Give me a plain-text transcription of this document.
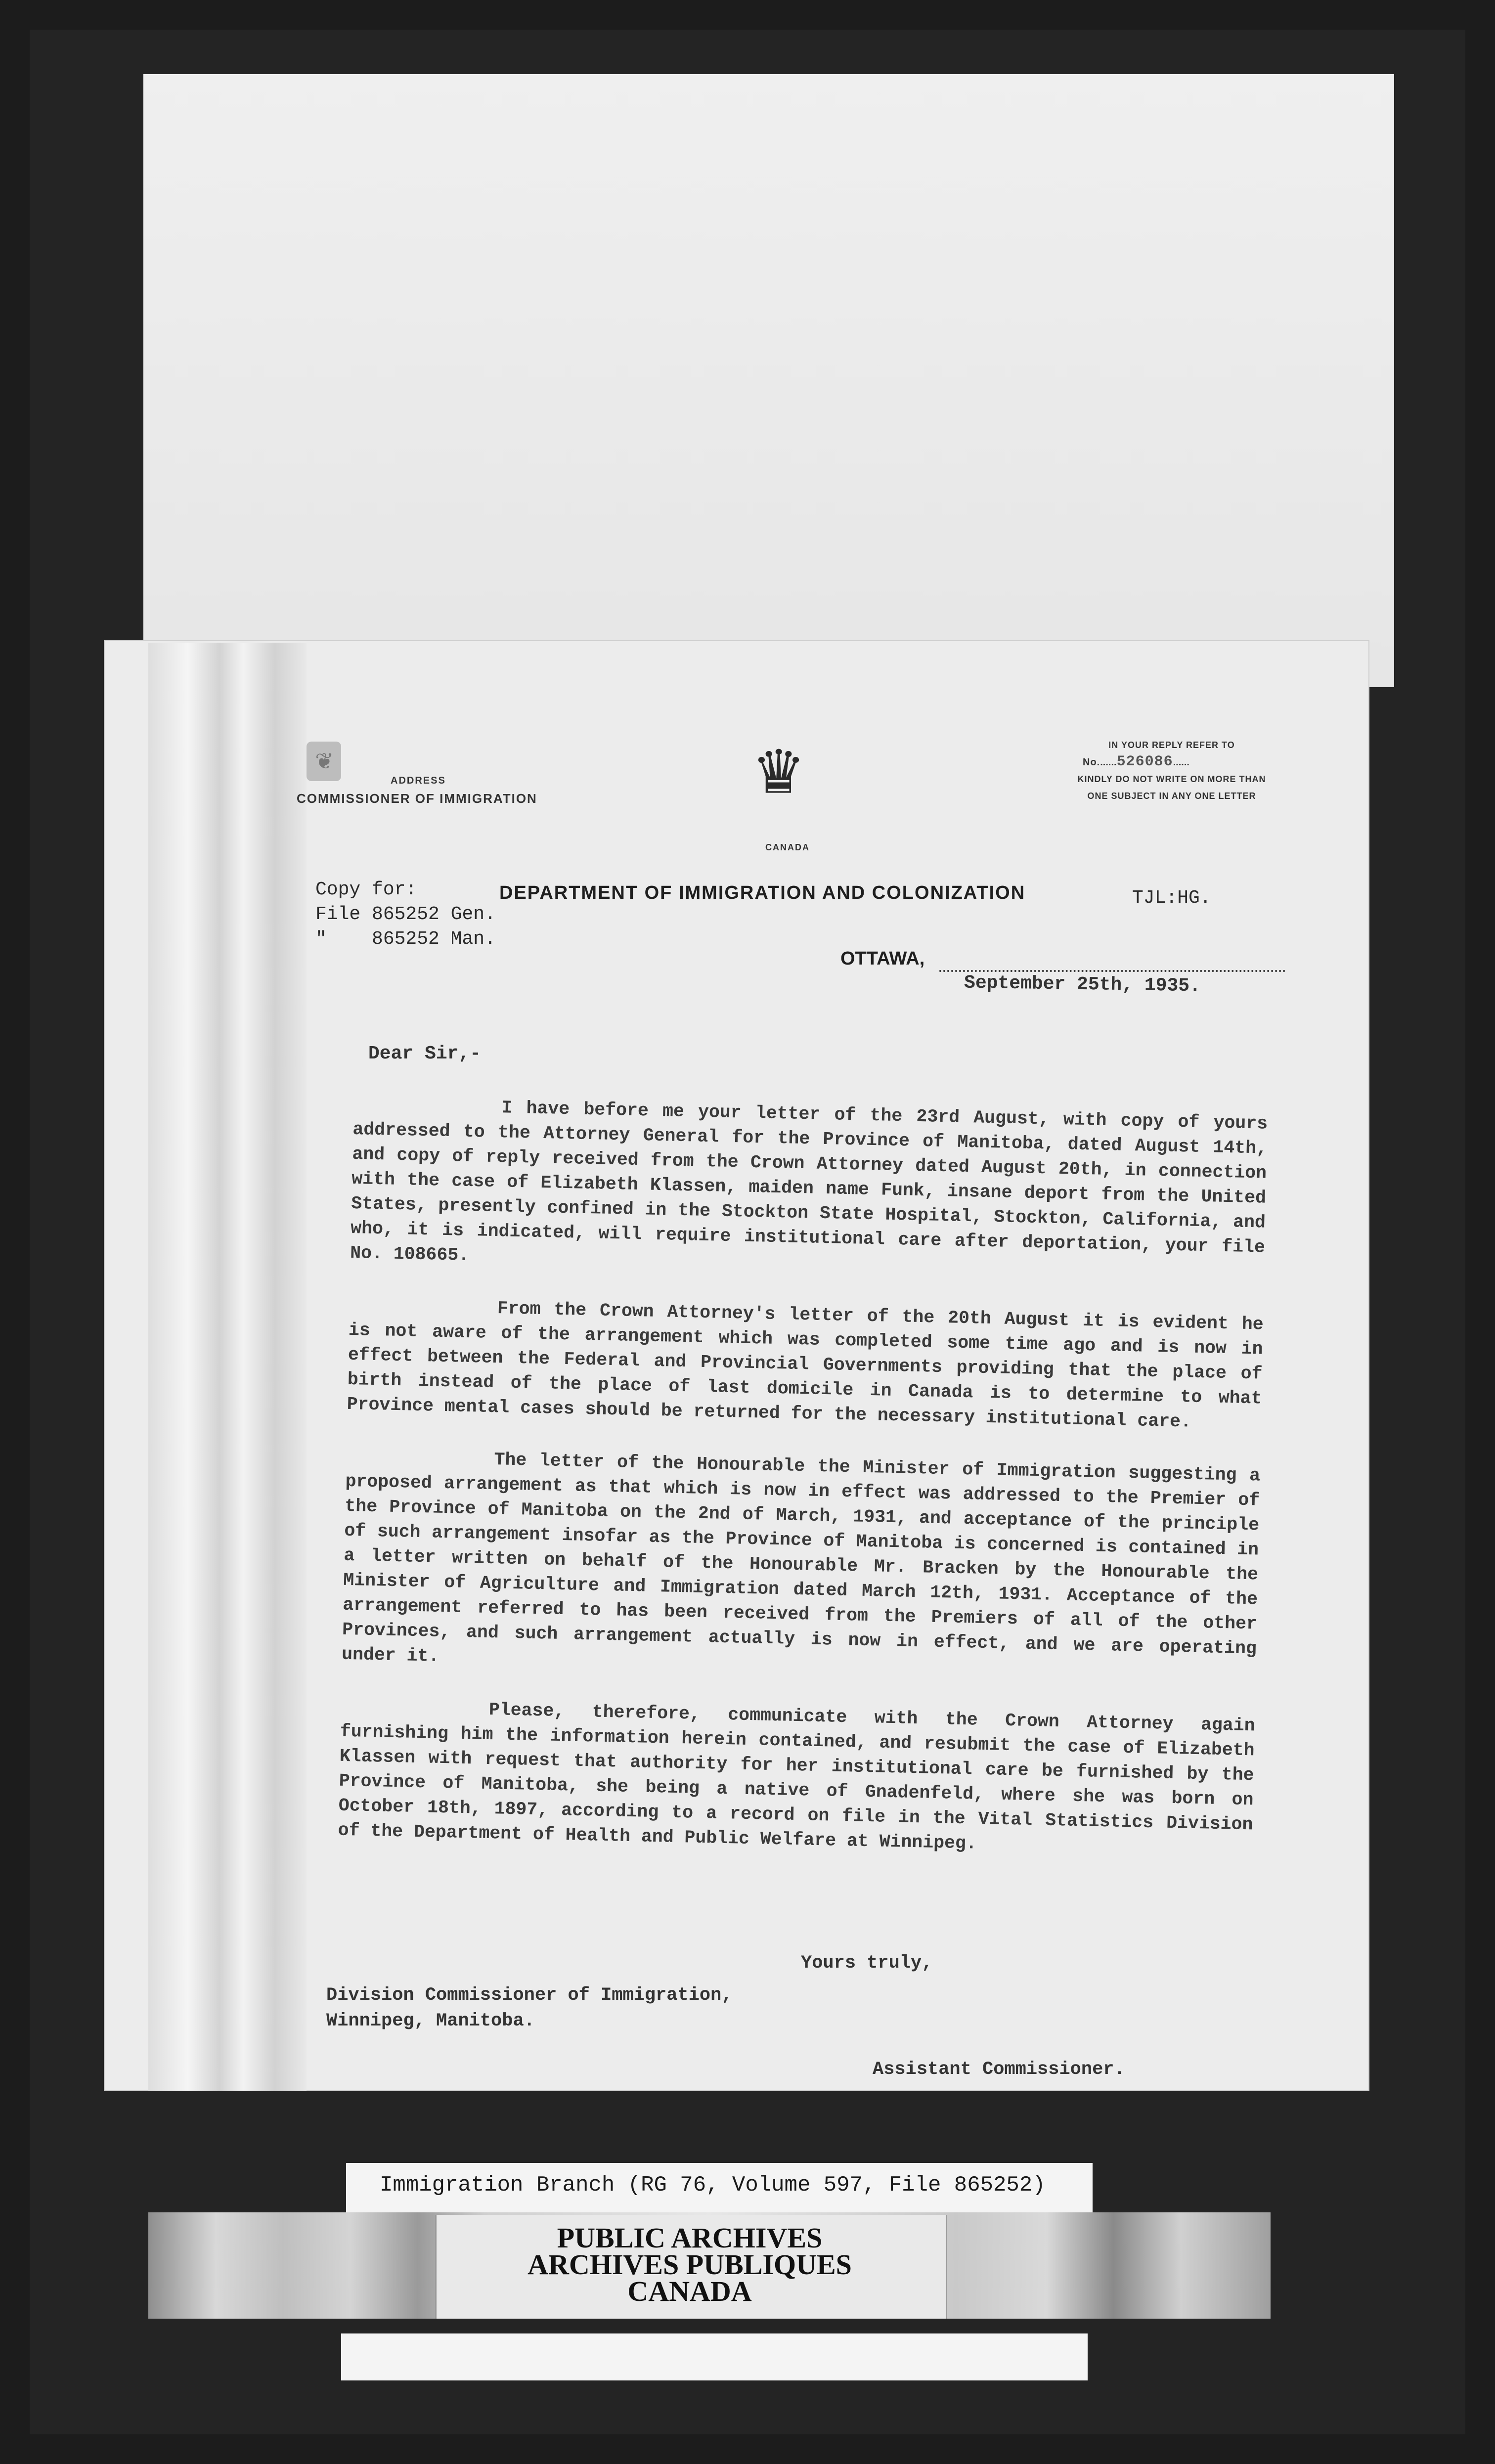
❦
ADDRESS
COMMISSIONER OF IMMIGRATION	♛
CANADA
IN YOUR REPLY REFER TO
No.......526086......
KINDLY DO NOT WRITE ON MORE THAN
ONE SUBJECT IN ANY ONE LETTER
Copy for:
File 865252 Gen.
"    865252 Man.
DEPARTMENT OF IMMIGRATION AND COLONIZATION	TJL:HG.
OTTAWA,
September 25th, 1935.
Dear Sir,-

I have before me your letter of the 23rd August, with copy of yours addressed to the Attorney General for the Province of Manitoba, dated August 14th, and copy of reply received from the Crown Attorney dated August 20th, in connection with the case of Elizabeth Klassen, maiden name Funk, insane deport from the United States, presently confined in the Stockton State Hospital, Stockton, California, and who, it is indicated, will require institutional care after deportation, your file No. 108665.

From the Crown Attorney's letter of the 20th August it is evident he is not aware of the arrangement which was completed some time ago and is now in effect between the Federal and Provincial Governments providing that the place of birth instead of the place of last domicile in Canada is to determine to what Province mental cases should be returned for the necessary institutional care.

The letter of the Honourable the Minister of Immigration suggesting a proposed arrangement as that which is now in effect was addressed to the Premier of the Province of Manitoba on the 2nd of March, 1931, and acceptance of the principle of such arrangement insofar as the Province of Manitoba is concerned is contained in a letter written on behalf of the Honourable Mr. Bracken by the Honourable the Minister of Agriculture and Immigration dated March 12th, 1931. Acceptance of the arrangement referred to has been received from the Premiers of all of the other Provinces, and such arrangement actually is now in effect, and we are operating under it.

Please, therefore, communicate with the Crown Attorney again furnishing him the information herein contained, and resubmit the case of Elizabeth Klassen with request that authority for her institutional care be furnished by the Province of Manitoba, she being a native of Gnadenfeld, where she was born on October 18th, 1897, according to a record on file in the Vital Statistics Division of the Department of Health and Public Welfare at Winnipeg.

Yours truly,
Division Commissioner of Immigration,
Winnipeg, Manitoba.
Assistant Commissioner.
Immigration Branch (RG 76, Volume 597, File 865252)
PUBLIC ARCHIVES
ARCHIVES PUBLIQUES
CANADA
